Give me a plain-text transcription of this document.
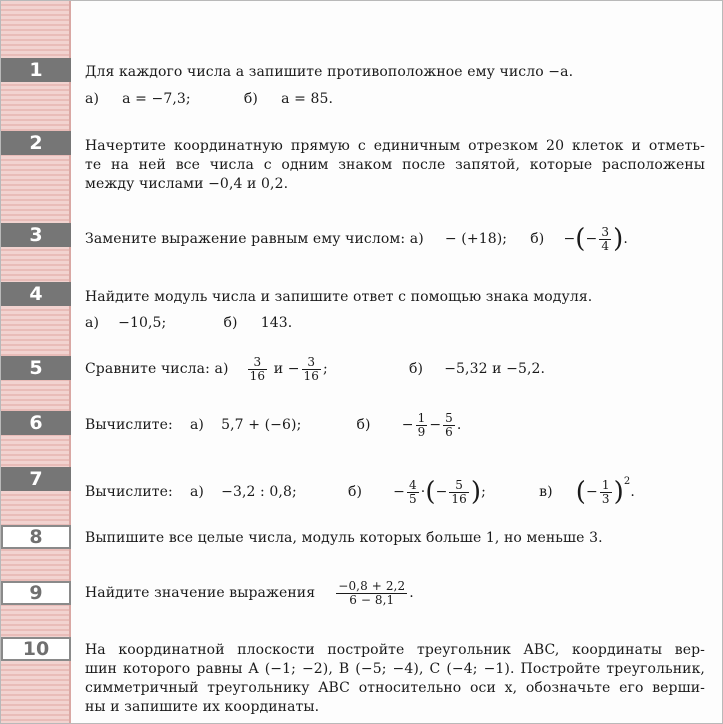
1	Для каждого числа a запишите противоположное ему число −a.
а) a = −7,3;	б) a = 85.
2	Начертите координатную прямую с единичным отрезком 20 клеток и отметь-
те на ней все числа с одним знаком после запятой, которые расположены
между числами −0,4 и 0,2.
3	Замените выражение равным ему числом: а) − (+18); б) −(− $\frac{3}{4}$ ).
4	Найдите модуль числа и запишите ответ с помощью знака модуля.
а) −10,5;	б) 143.
5	Сравните числа: $а) \frac{3}{16}$ $и - \frac{3}{16}$ ;	б) −5,32 и −5,2.
6	Вычислите: а) 5,7 + (−6);	$б) - \frac{1}{9} - \frac{5}{6}$ .
7
Вычислите: а) −3,2 : 0,8;	$б) - \frac{4}{5}$ ·(− $\frac{5}{16}$ );	в) (− $\frac{1}{3} )^2$.
8	Выпишите все целые числа, модуль которых больше 1, но меньше 3.
9	Найдите значение выражения $\frac{-0,8 + 2,2}{6 - 8,1}$ .
10	На координатной плоскости постройте треугольник ABC, координаты вер-
шин которого равны A (−1; −2), B (−5; −4), C (−4; −1). Постройте треугольник,
симметричный треугольнику ABC относительно оси x, обозначьте его верши-
ны и запишите их координаты.
